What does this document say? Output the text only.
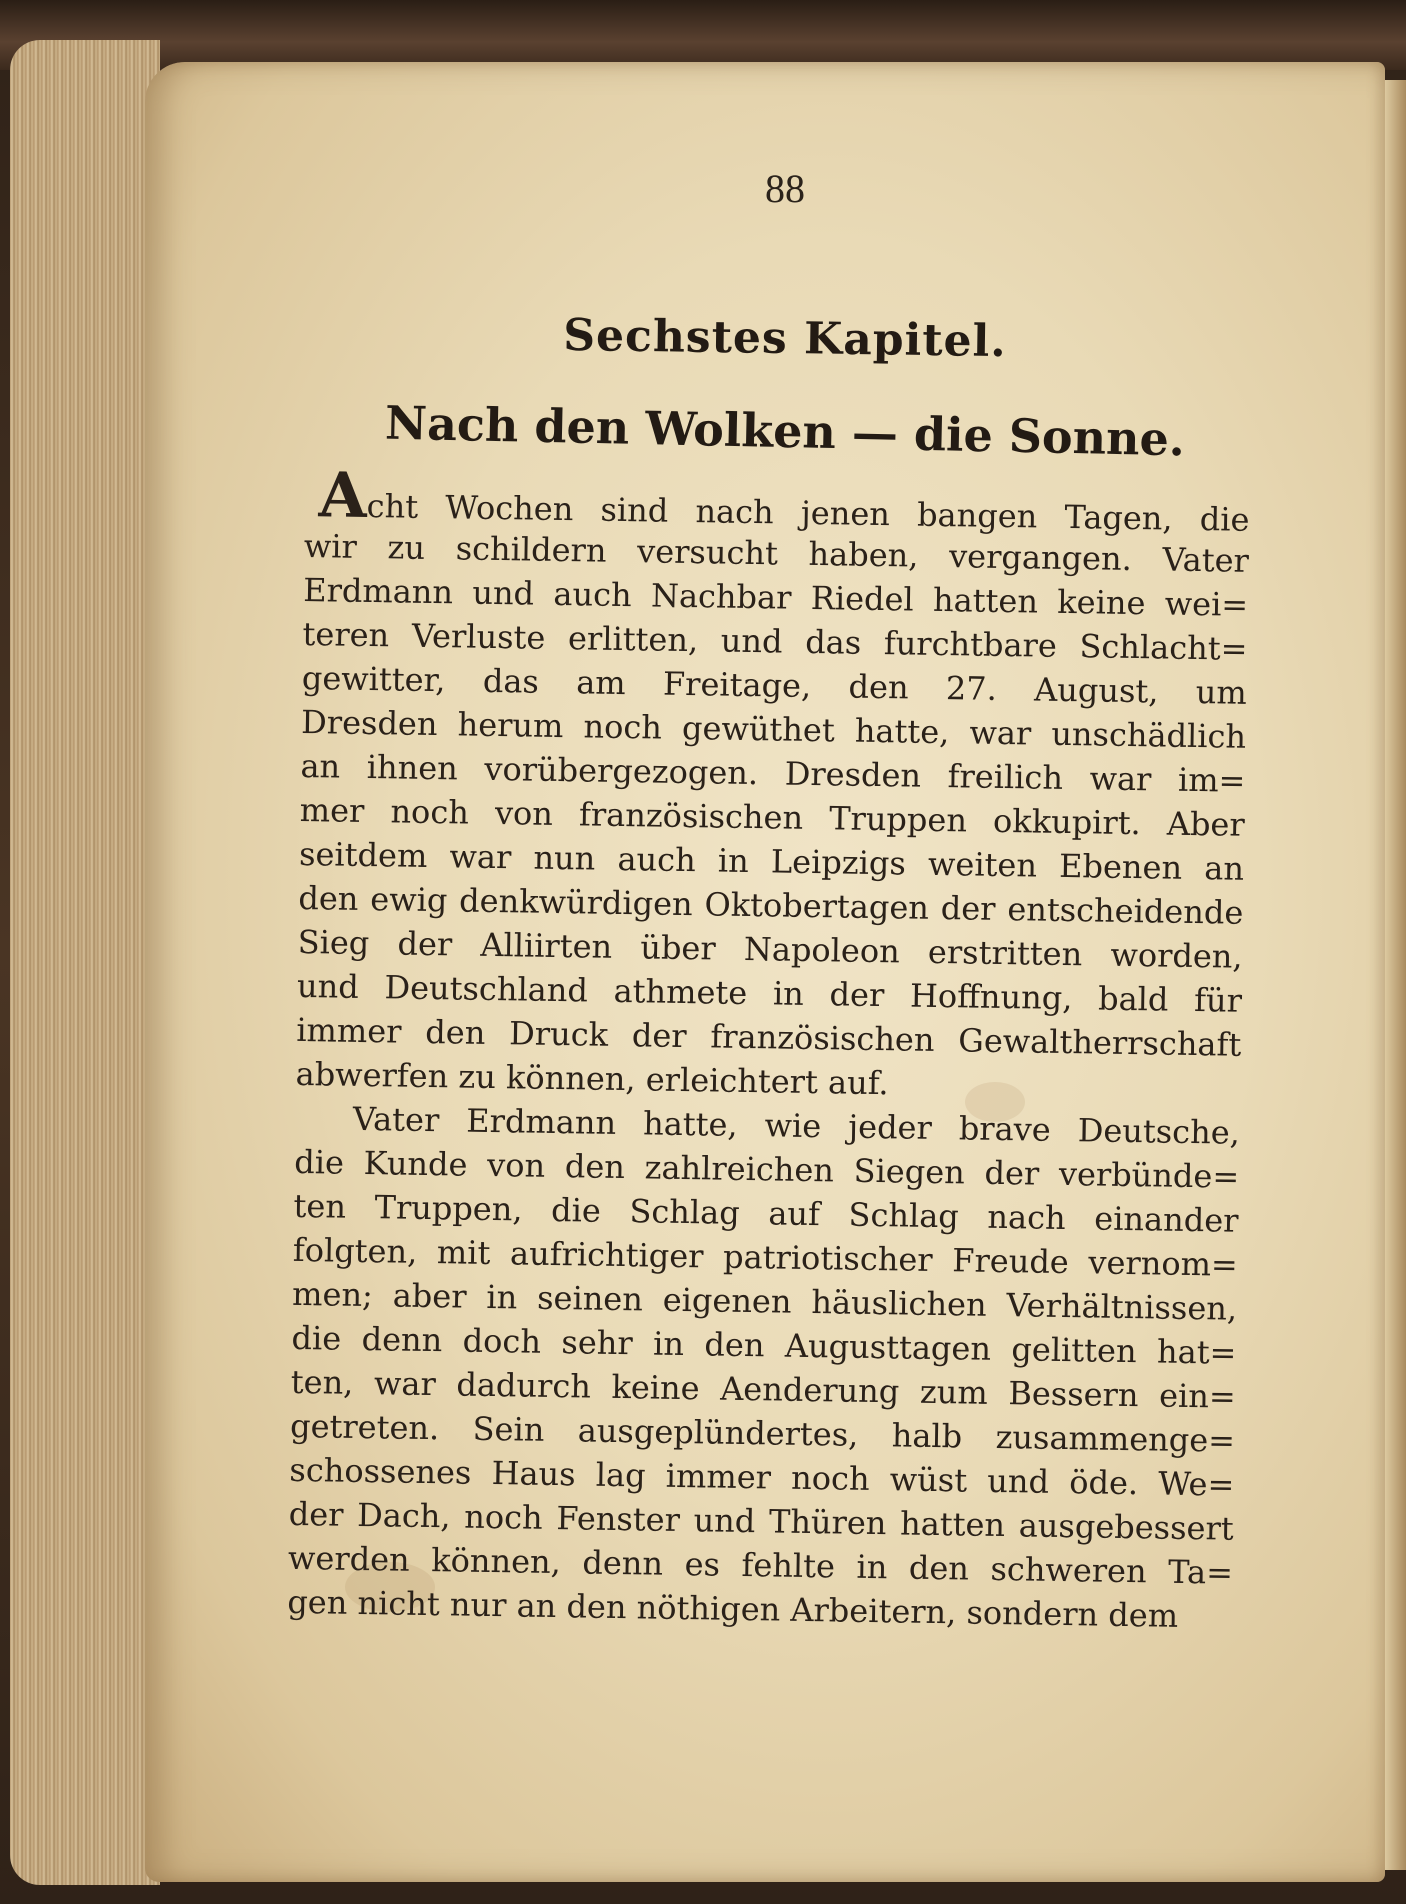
88
Sechstes Kapitel.
Nach den Wolken — die Sonne.
Acht Wochen sind nach jenen bangen Tagen, die
wir zu schildern versucht haben, vergangen. Vater
Erdmann und auch Nachbar Riedel hatten keine wei=
teren Verluste erlitten, und das furchtbare Schlacht=
gewitter, das am Freitage, den 27. August, um
Dresden herum noch gewüthet hatte, war unschädlich
an ihnen vorübergezogen. Dresden freilich war im=
mer noch von französischen Truppen okkupirt. Aber
seitdem war nun auch in Leipzigs weiten Ebenen an
den ewig denkwürdigen Oktobertagen der entscheidende
Sieg der Alliirten über Napoleon erstritten worden,
und Deutschland athmete in der Hoffnung, bald für
immer den Druck der französischen Gewaltherrschaft
abwerfen zu können, erleichtert auf.
Vater Erdmann hatte, wie jeder brave Deutsche,
die Kunde von den zahlreichen Siegen der verbünde=
ten Truppen, die Schlag auf Schlag nach einander
folgten, mit aufrichtiger patriotischer Freude vernom=
men; aber in seinen eigenen häuslichen Verhältnissen,
die denn doch sehr in den Augusttagen gelitten hat=
ten, war dadurch keine Aenderung zum Bessern ein=
getreten. Sein ausgeplündertes, halb zusammenge=
schossenes Haus lag immer noch wüst und öde. We=
der Dach, noch Fenster und Thüren hatten ausgebessert
werden können, denn es fehlte in den schweren Ta=
gen nicht nur an den nöthigen Arbeitern, sondern dem
